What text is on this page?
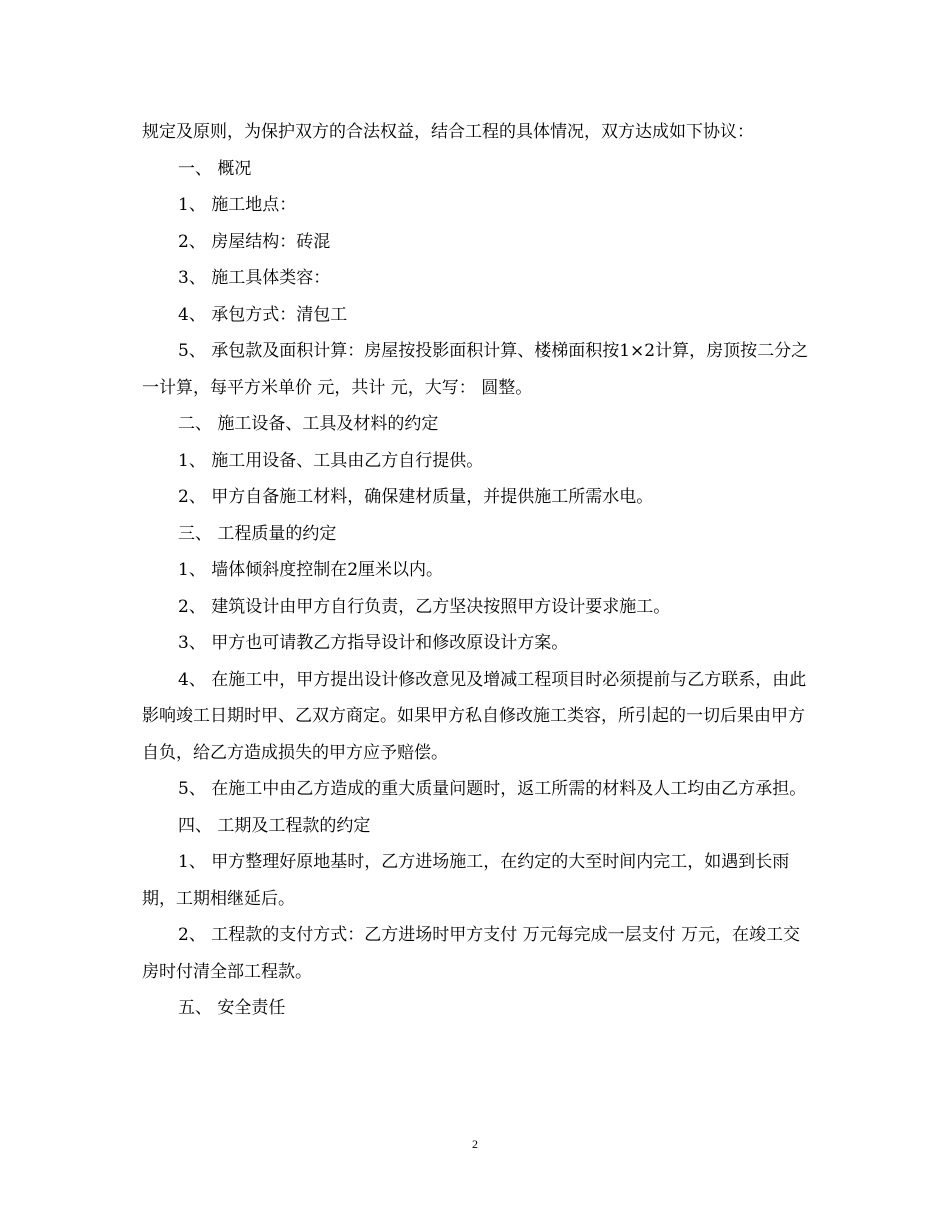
规定及原则，为保护双方的合法权益，结合工程的具体情况，双方达成如下协议：

一、 概况

1、 施工地点：

2、 房屋结构：砖混

3、 施工具体类容：

4、 承包方式：清包工

5、 承包款及面积计算：房屋按投影面积计算、楼梯面积按1×2计算，房顶按二分之一计算，每平方米单价 元，共计 元，大写： 圆整。

二、 施工设备、工具及材料的约定

1、 施工用设备、工具由乙方自行提供。

2、 甲方自备施工材料，确保建材质量，并提供施工所需水电。

三、 工程质量的约定

1、 墙体倾斜度控制在2厘米以内。

2、 建筑设计由甲方自行负责，乙方坚决按照甲方设计要求施工。

3、 甲方也可请教乙方指导设计和修改原设计方案。

4、 在施工中，甲方提出设计修改意见及增减工程项目时必须提前与乙方联系，由此影响竣工日期时甲、乙双方商定。如果甲方私自修改施工类容，所引起的一切后果由甲方自负，给乙方造成损失的甲方应予赔偿。

5、 在施工中由乙方造成的重大质量问题时，返工所需的材料及人工均由乙方承担。

四、 工期及工程款的约定

1、 甲方整理好原地基时，乙方进场施工，在约定的大至时间内完工，如遇到长雨期，工期相继延后。

2、 工程款的支付方式：乙方进场时甲方支付 万元每完成一层支付 万元，在竣工交房时付清全部工程款。

五、 安全责任

2
